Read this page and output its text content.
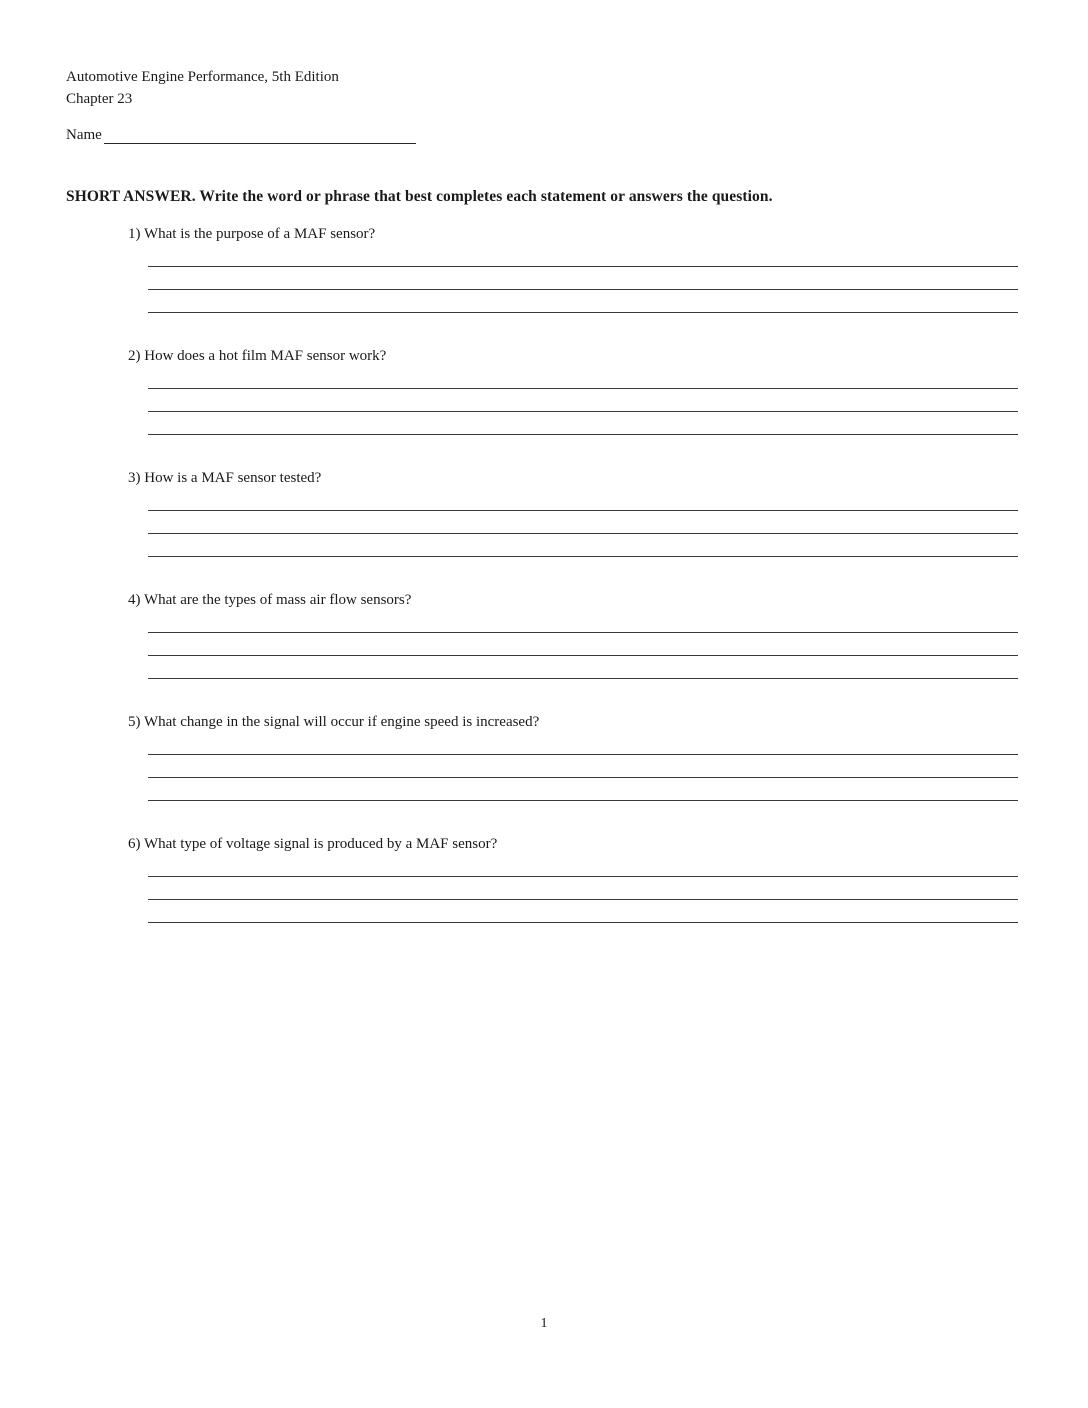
Automotive Engine Performance, 5th Edition
Chapter 23
Name
SHORT ANSWER. Write the word or phrase that best completes each statement or answers the question.
1) What is the purpose of a MAF sensor?
2) How does a hot film MAF sensor work?
3) How is a MAF sensor tested?
4) What are the types of mass air flow sensors?
5) What change in the signal will occur if engine speed is increased?
6) What type of voltage signal is produced by a MAF sensor?
1
